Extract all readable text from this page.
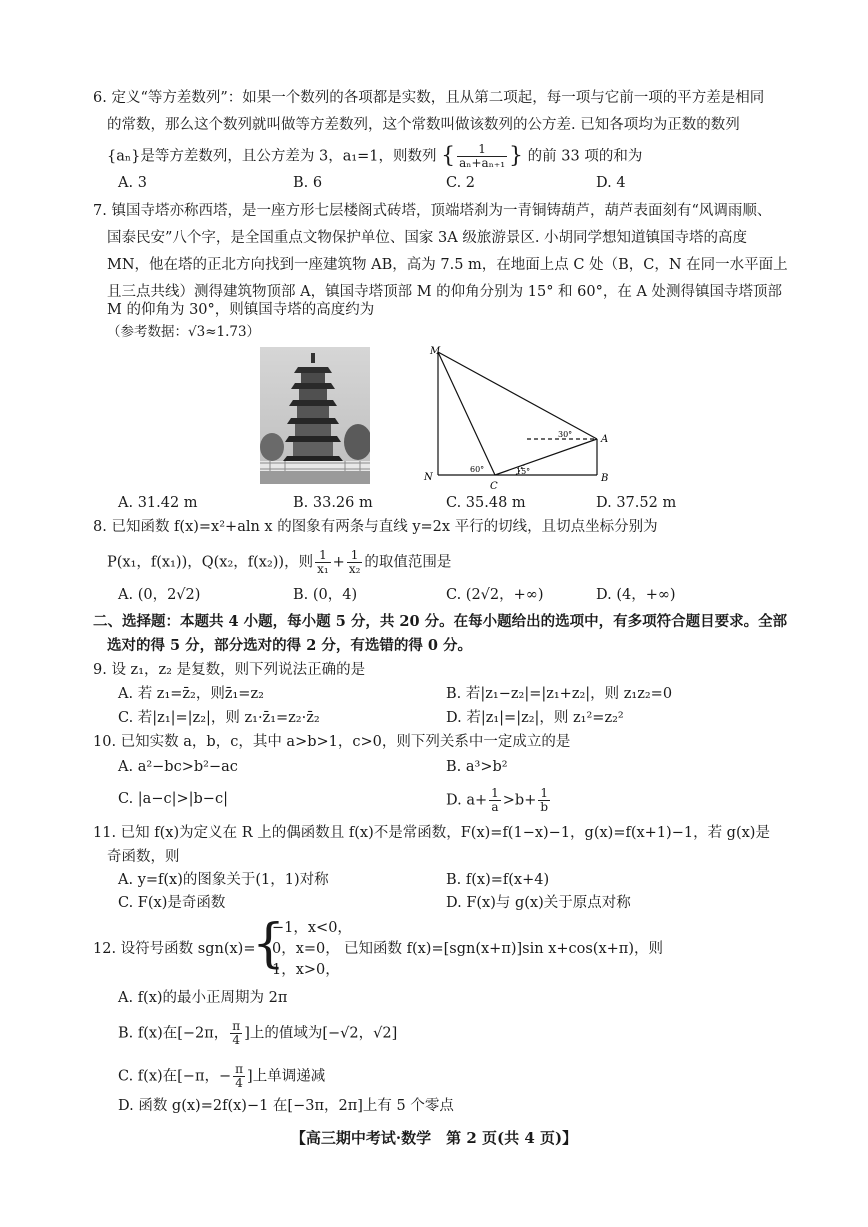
6. 定义“等方差数列”：如果一个数列的各项都是实数，且从第二项起，每一项与它前一项的平方差是相同
的常数，那么这个数列就叫做等方差数列，这个常数叫做该数列的公方差. 已知各项均为正数的数列
{aₙ}是等方差数列，且公方差为 3，a₁=1，则数列 { $\frac{1}{\text{aₙ+aₙ₊₁}}$ } 的前 33 项的和为
A. 3	B. 6	C. 2	D. 4
7. 镇国寺塔亦称西塔，是一座方形七层楼阁式砖塔，顶端塔刹为一青铜铸葫芦，葫芦表面刻有“风调雨顺、
国泰民安”八个字，是全国重点文物保护单位、国家 3A 级旅游景区. 小胡同学想知道镇国寺塔的高度
MN，他在塔的正北方向找到一座建筑物 AB，高为 7.5 m，在地面上点 C 处（B，C，N 在同一水平面上
且三点共线）测得建筑物顶部 A，镇国寺塔顶部 M 的仰角分别为 15° 和 60°，在 A 处测得镇国寺塔顶部
M 的仰角为 30°，则镇国寺塔的高度约为
（参考数据：√3≈1.73）
M
A
N
C
B
30°
60°	15°
A. 31.42 m	B. 33.26 m	C. 35.48 m	D. 37.52 m
8. 已知函数 f(x)=x²+aln x 的图象有两条与直线 y=2x 平行的切线，且切点坐标分别为
P(x₁，f(x₁))，Q(x₂，f(x₂))，则 $\frac{1}{\text{x₁}} + \frac{1}{\text{x₂}}$ 的取值范围是
A. (0，2√2)	B. (0，4)	C. (2√2，+∞)	D. (4，+∞)
二、选择题：本题共 4 小题，每小题 5 分，共 20 分。在每小题给出的选项中，有多项符合题目要求。全部
选对的得 5 分，部分选对的得 2 分，有选错的得 0 分。
9. 设 z₁，z₂ 是复数，则下列说法正确的是
A. 若 z₁=z̄₂，则z̄₁=z₂	B. 若|z₁−z₂|=|z₁+z₂|，则 z₁z₂=0
C. 若|z₁|=|z₂|，则 z₁·z̄₁=z₂·z̄₂	D. 若|z₁|=|z₂|，则 z₁²=z₂²
10. 已知实数 a，b，c，其中 a>b>1，c>0，则下列关系中一定成立的是
A. a²−bc>b²−ac	B. a³>b²
C. |a−c|>|b−c|	D. $a+ \frac{1}{a} >b+ \frac{1}{b}$
11. 已知 f(x)为定义在 R 上的偶函数且 f(x)不是常函数，F(x)=f(1−x)−1，g(x)=f(x+1)−1，若 g(x)是
奇函数，则
A. y=f(x)的图象关于(1，1)对称	B. f(x)=f(x+4)
C. F(x)是奇函数	D. F(x)与 g(x)关于原点对称
12. 设符号函数 sgn(x)=
{
−1，x<0，
0，x=0，
1，x>0，
已知函数 f(x)=[sgn(x+π)]sin x+cos(x+π)，则
A. f(x)的最小正周期为 2π
B. f(x)在[−2π， $\frac{\pi}{4}$ ]上的值域为[−√2，√2]
C. f(x)在[−π，− $\frac{\pi}{4}$ ]上单调递减
D. 函数 g(x)=2f(x)−1 在[−3π，2π]上有 5 个零点
【高三期中考试·数学　第 2 页(共 4 页)】
